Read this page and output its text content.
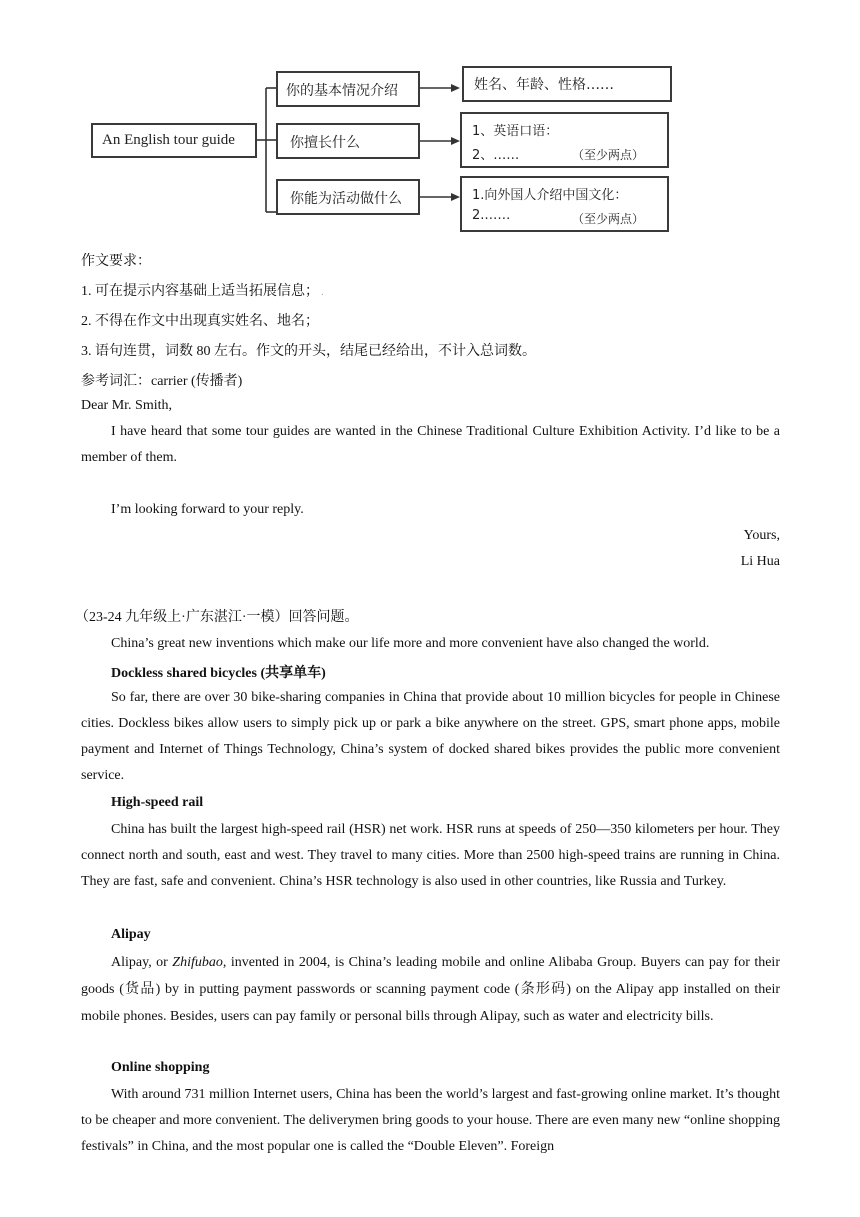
An English tour guide
你的基本情况介绍
你擅长什么
你能为活动做什么
姓名、年龄、性格……
1、英语口语：
2、……	（至少两点）
1.向外国人介绍中国文化：
2.……	（至少两点）
作文要求：
1. 可在提示内容基础上适当拓展信息； .
2. 不得在作文中出现真实姓名、地名；
3. 语句连贯，词数 80 左右。作文的开头，结尾已经给出，不计入总词数。
参考词汇：carrier (传播者)
Dear Mr. Smith,
I have heard that some tour guides are wanted in the Chinese Traditional Culture Exhibition Activity. I’d like to be a member of them.
I’m looking forward to your reply.
Yours,
Li Hua
（23-24 九年级上·广东湛江·一模）回答问题。
China’s great new inventions which make our life more and more convenient have also changed the world.
Dockless shared bicycles (共享单车)
So far, there are over 30 bike-sharing companies in China that provide about 10 million bicycles for people in Chinese cities. Dockless bikes allow users to simply pick up or park a bike anywhere on the street. GPS, smart phone apps, mobile payment and Internet of Things Technology, China’s system of docked shared bikes provides the public more convenient service.
High-speed rail
China has built the largest high-speed rail (HSR) net work. HSR runs at speeds of 250—350 kilometers per hour. They connect north and south, east and west. They travel to many cities. More than 2500 high-speed trains are running in China. They are fast, safe and convenient. China’s HSR technology is also used in other countries, like Russia and Turkey.
Alipay
Alipay, or Zhifubao, invented in 2004, is China’s leading mobile and online Alibaba Group. Buyers can pay for their goods (货品) by in putting payment passwords or scanning payment code (条形码) on the Alipay app installed on their mobile phones. Besides, users can pay family or personal bills through Alipay, such as water and electricity bills.
Online shopping
With around 731 million Internet users, China has been the world’s largest and fast-growing online market. It’s thought to be cheaper and more convenient. The deliverymen bring goods to your house. There are even many new “online shopping festivals” in China, and the most popular one is called the “Double Eleven”. Foreign
